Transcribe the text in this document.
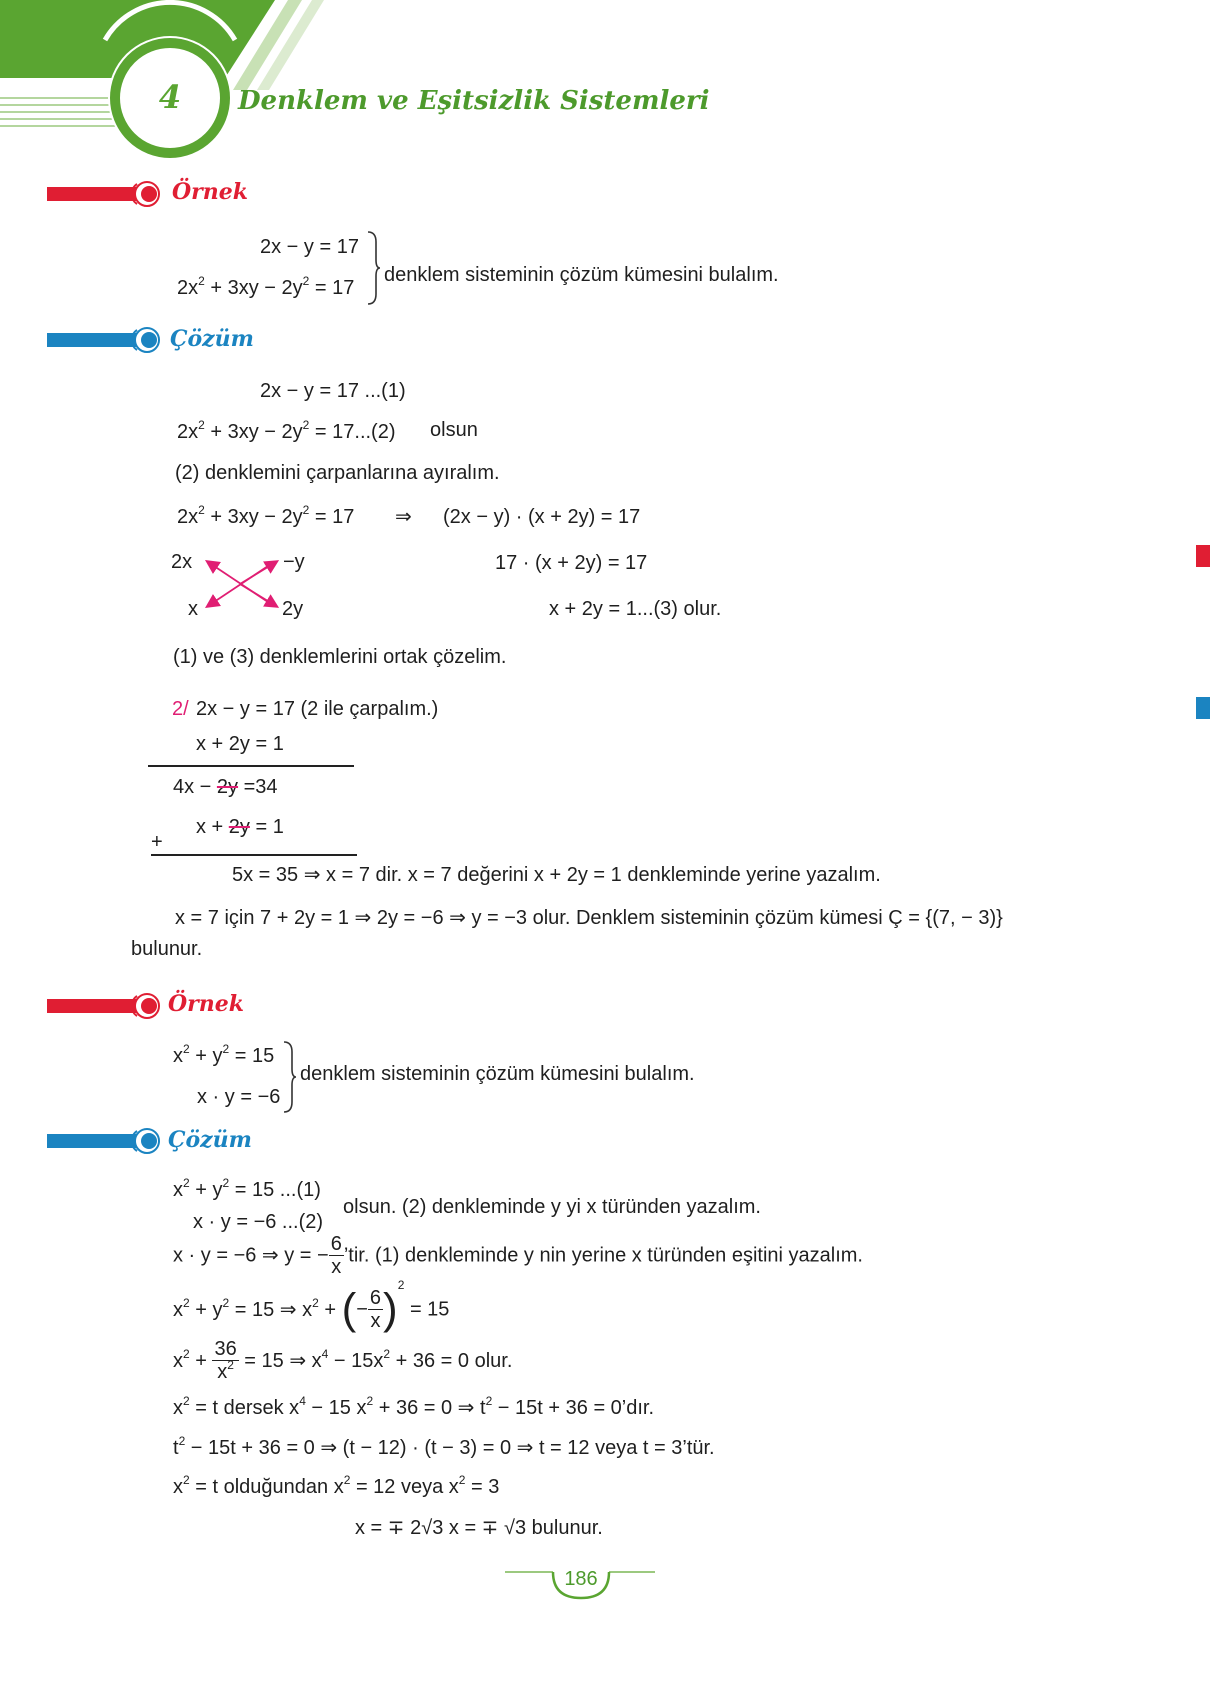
4	Denklem ve Eşitsizlik Sistemleri
Örnek
2x − y = 17
$2x^2 + 3xy - 2y^2 = 17$
denklem sisteminin çözüm kümesini bulalım.
Çözüm
2x − y = 17 ...(1)
$2x^2 + 3xy - 2y^2 = 17...(2)$ olsun
(2) denklemini çarpanlarına ayıralım.
$2x^2 + 3xy - 2y^2 = 17$ ⇒ (2x − y) · (x + 2y) = 17
2x	−y
x	2y
17 · (x + 2y) = 17
x + 2y = 1...(3) olur.
(1) ve (3) denklemlerini ortak çözelim.
2/ 2x − y = 17 (2 ile çarpalım.)
x + 2y = 1
4x − 2y =34
x + 2y = 1
+
5x = 35 ⇒ x = 7 dir. x = 7 değerini x + 2y = 1 denkleminde yerine yazalım.
x = 7 için 7 + 2y = 1 ⇒ 2y = −6 ⇒ y = −3 olur. Denklem sisteminin çözüm kümesi Ç = {(7, − 3)}
bulunur.
Örnek
$x^2 + y^2 = 15$
x · y = −6
denklem sisteminin çözüm kümesini bulalım.
Çözüm
$x^2 + y^2 = 15$ ...(1)
x · y = −6 ...(2)
olsun. (2) denkleminde y yi x türünden yazalım.
x · y = −6 ⇒ y = − $\frac{6}{x}$ ’tir. (1) denkleminde y nin yerine x türünden eşitini yazalım.
$x^2 + y^2 = 15$ ⇒ $x^2$ + (− $\frac{6}{x} )^2 = 15$
$x^2 + \frac{36}{x^2} = 15$ ⇒ $x^4 - 15x^2 + 36 = 0$ olur.
$x^2 = t$ dersek $x^4 - 15$ $x^2 + 36 = 0$ ⇒ $t^2 - 15t + 36$ = 0’dır.
$t^2 - 15t + 36 = 0$ ⇒ (t − 12) · (t − 3) = 0 ⇒ t = 12 veya t = 3’tür.
$x^2 = t$ olduğundan $x^2 = 12$ veya $x^2 = 3$
x = ∓ 2√3 x = ∓ √3 bulunur.
186
